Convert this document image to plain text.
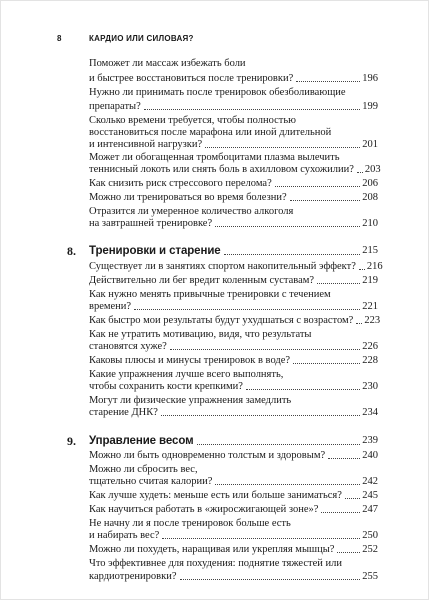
8	КАРДИО ИЛИ СИЛОВАЯ?
Поможет ли массаж избежать боли
и быстрее восстановиться после тренировки?	196
Нужно ли принимать после тренировок обезболивающие
препараты?	199
Сколько времени требуется, чтобы полностью
восстановиться после марафона или иной длительной
и интенсивной нагрузки?	201
Может ли обогащенная тромбоцитами плазма вылечить
теннисный локоть или снять боль в ахилловом сухожилии? 203
Как снизить риск стрессового перелома?	206
Можно ли тренироваться во время болезни?	208
Отразится ли умеренное количество алкоголя
на завтрашней тренировке?	210
8.	Тренировки и старение	215
Существует ли в занятиях спортом накопительный эффект? 216
Действительно ли бег вредит коленным суставам?	219
Как нужно менять привычные тренировки с течением
времени?	221
Как быстро мои результаты будут ухудшаться с возрастом? 223
Как не утратить мотивацию, видя, что результаты
становятся хуже?	226
Каковы плюсы и минусы тренировок в воде?	228
Какие упражнения лучше всего выполнять,
чтобы сохранить кости крепкими?	230
Могут ли физические упражнения замедлить
старение ДНК?	234
9.	Управление весом	239
Можно ли быть одновременно толстым и здоровым?	240
Можно ли сбросить вес,
тщательно считая калории?	242
Как лучше худеть: меньше есть или больше заниматься? 245
Как научиться работать в «жиросжигающей зоне»?	247
Не начну ли я после тренировок больше есть
и набирать вес?	250
Можно ли похудеть, наращивая или укрепляя мышцы?	252
Что эффективнее для похудения: поднятие тяжестей или
кардиотренировки?	255
